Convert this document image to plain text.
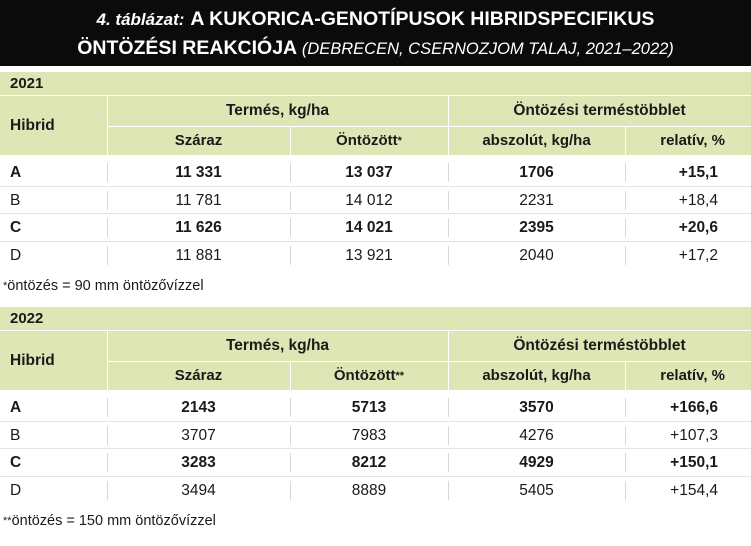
4. táblázat: A KUKORICA-GENOTÍPUSOK HIBRIDSPECIFIKUS
ÖNTÖZÉSI REAKCIÓJA (DEBRECEN, CSERNOZJOM TALAJ, 2021–2022)
2021
Hibrid
Termés, kg/ha	Öntözési terméstöbblet
Száraz	Öntözött*	abszolút, kg/ha	relatív, %
A	11 331	13 037	1706	+15,1
B	11 781	14 012	2231	+18,4
C	11 626	14 021	2395	+20,6
D	11 881	13 921	2040	+17,2
*öntözés = 90 mm öntözővízzel
2022
Hibrid
Termés, kg/ha	Öntözési terméstöbblet
Száraz	Öntözött**	abszolút, kg/ha	relatív, %
A	2143	5713	3570	+166,6
B	3707	7983	4276	+107,3
C	3283	8212	4929	+150,1
D	3494	8889	5405	+154,4
**öntözés = 150 mm öntözővízzel
